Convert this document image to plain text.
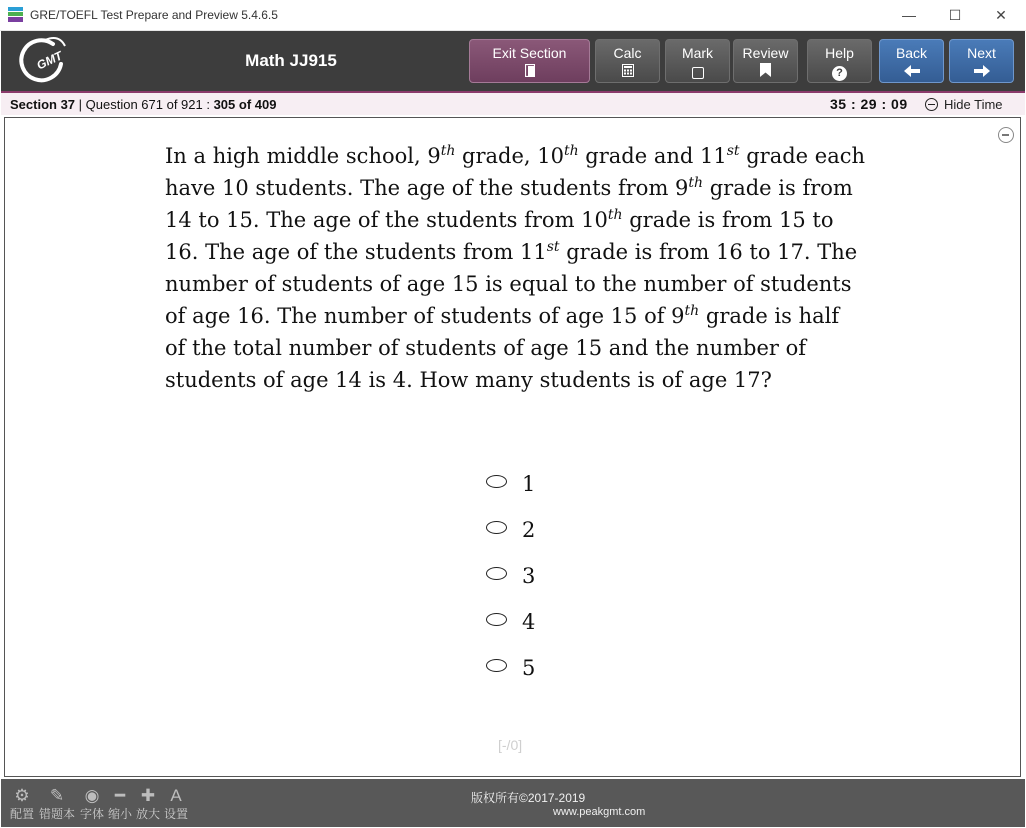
GRE/TOEFL Test Prepare and Preview 5.4.6.5	—	☐	✕
GMT	Math JJ915	Exit Section	Calc	Mark	Review	Help
?
Back	Next
Section 37 | Question 671 of 921 : 305 of 409	35 : 29 : 09	Hide Time
In a high middle school, 9th grade, 10th grade and 11st grade each have 10 students. The age of the students from 9th grade is from 14 to 15. The age of the students from 10th grade is from 15 to 16. The age of the students from 11st grade is from 16 to 17. The number of students of age 15 is equal to the number of students of age 16. The number of students of age 15 of 9th grade is half of the total number of students of age 15 and the number of students of age 14 is 4. How many students is of age 17?
1
2
3
4
5
[-/0]
⚙
配置
✎
错题本
◉
字体
━
缩小
✚
放大
A
设置
版权所有©2017-2019
www.peakgmt.com
